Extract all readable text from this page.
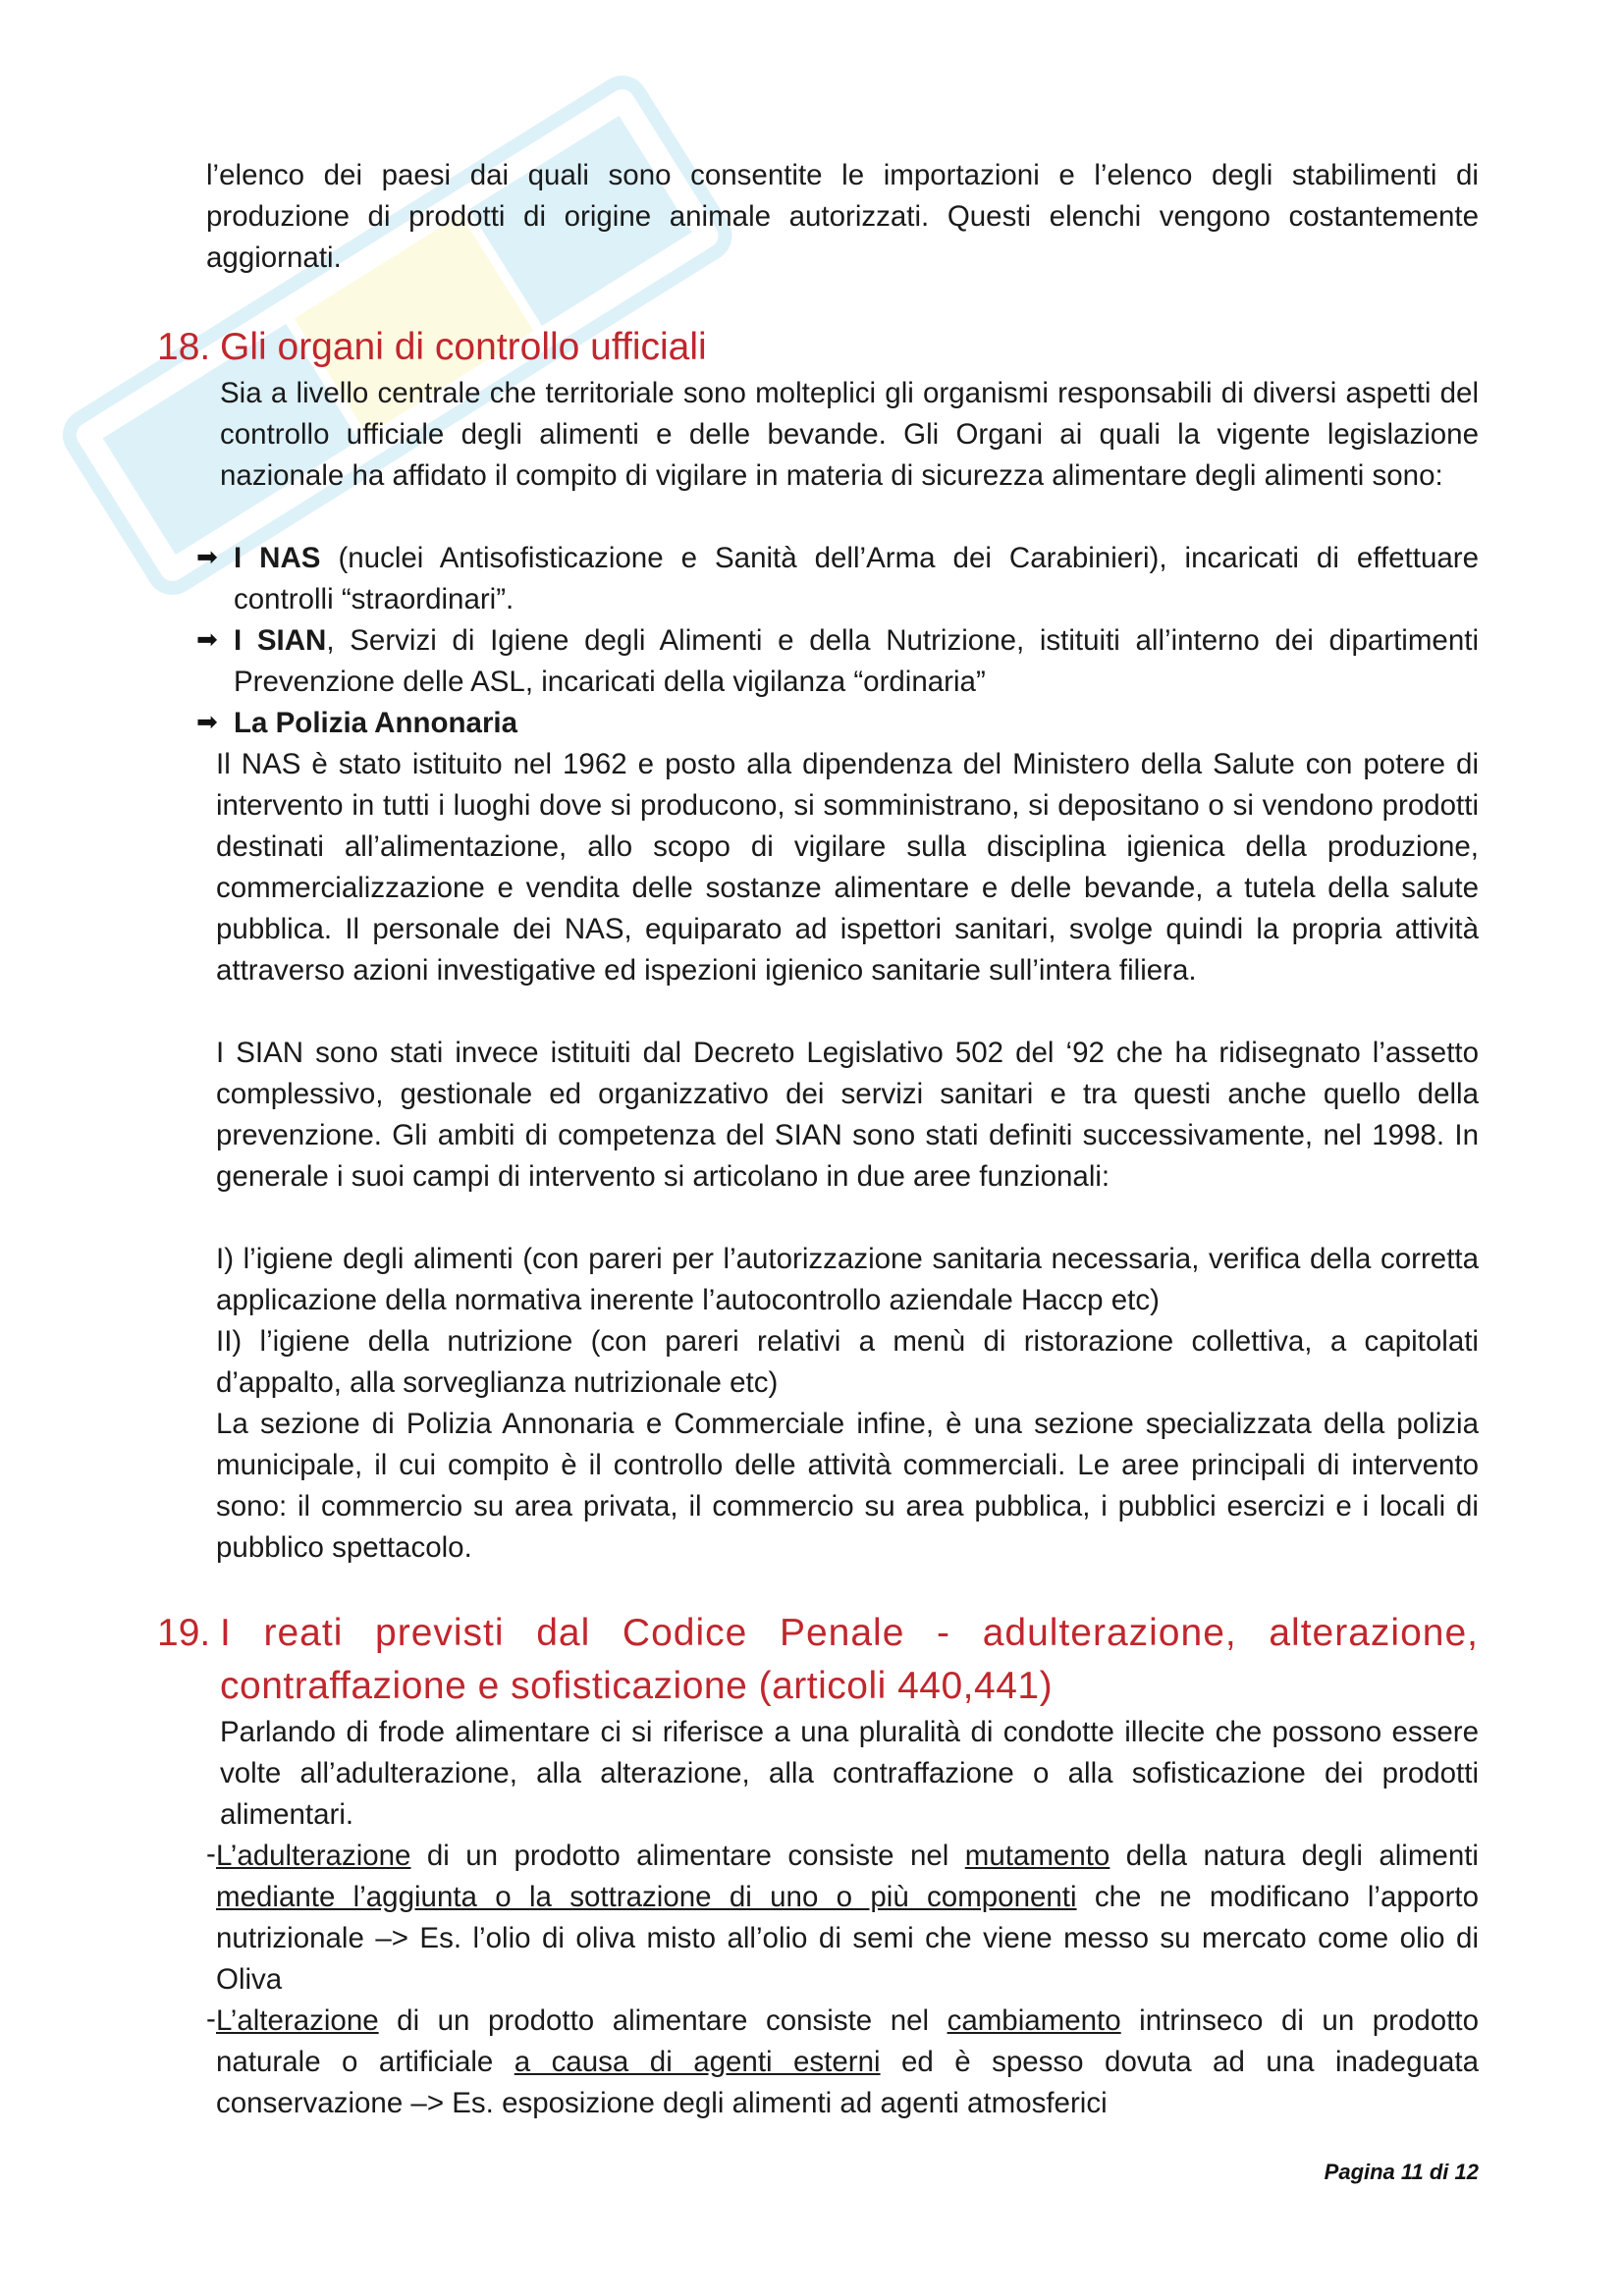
l’elenco dei paesi dai quali sono consentite le importazioni e l’elenco degli stabilimenti di produzione di prodotti di origine animale autorizzati. Questi elenchi vengono costantemente aggiornati.

18. Gli organi di controllo ufficiali

Sia a livello centrale che territoriale sono molteplici gli organismi responsabili di diversi aspetti del controllo ufficiale degli alimenti e delle bevande. Gli Organi ai quali la vigente legislazione nazionale ha affidato il compito di vigilare in materia di sicurezza alimentare degli alimenti sono:

➡ I NAS (nuclei Antisofisticazione e Sanità dell’Arma dei Carabinieri), incaricati di effettuare controlli “straordinari”.

➡ I SIAN, Servizi di Igiene degli Alimenti e della Nutrizione, istituiti all’interno dei dipartimenti Prevenzione delle ASL, incaricati della vigilanza “ordinaria”

➡ La Polizia Annonaria

Il NAS è stato istituito nel 1962 e posto alla dipendenza del Ministero della Salute con potere di intervento in tutti i luoghi dove si producono, si somministrano, si depositano o si vendono prodotti destinati all’alimentazione, allo scopo di vigilare sulla disciplina igienica della produzione, commercializzazione e vendita delle sostanze alimentare e delle bevande, a tutela della salute pubblica. Il personale dei NAS, equiparato ad ispettori sanitari, svolge quindi la propria attività attraverso azioni investigative ed ispezioni igienico sanitarie sull’intera filiera.

I SIAN sono stati invece istituiti dal Decreto Legislativo 502 del ‘92 che ha ridisegnato l’assetto complessivo, gestionale ed organizzativo dei servizi sanitari e tra questi anche quello della prevenzione. Gli ambiti di competenza del SIAN sono stati definiti successivamente, nel 1998. In generale i suoi campi di intervento si articolano in due aree funzionali:

I) l’igiene degli alimenti (con pareri per l’autorizzazione sanitaria necessaria, verifica della corretta applicazione della normativa inerente l’autocontrollo aziendale Haccp etc)

II) l’igiene della nutrizione (con pareri relativi a menù di ristorazione collettiva, a capitolati d’appalto, alla sorveglianza nutrizionale etc)

La sezione di Polizia Annonaria e Commerciale infine, è una sezione specializzata della polizia municipale, il cui compito è il controllo delle attività commerciali. Le aree principali di intervento sono: il commercio su area privata, il commercio su area pubblica, i pubblici esercizi e i locali di pubblico spettacolo.

19. I reati previsti dal Codice Penale - adulterazione, alterazione,
contraffazione e sofisticazione (articoli 440,441)

Parlando di frode alimentare ci si riferisce a una pluralità di condotte illecite che possono essere volte all’adulterazione, alla alterazione, alla contraffazione o alla sofisticazione dei prodotti alimentari.

- L’adulterazione di un prodotto alimentare consiste nel mutamento della natura degli alimenti mediante l’aggiunta o la sottrazione di uno o più componenti che ne modificano l’apporto nutrizionale –> Es. l’olio di oliva misto all’olio di semi che viene messo su mercato come olio di Oliva

- L’alterazione di un prodotto alimentare consiste nel cambiamento intrinseco di un prodotto naturale o artificiale a causa di agenti esterni ed è spesso dovuta ad una inadeguata conservazione –> Es. esposizione degli alimenti ad agenti atmosferici

Pagina 11 di 12
